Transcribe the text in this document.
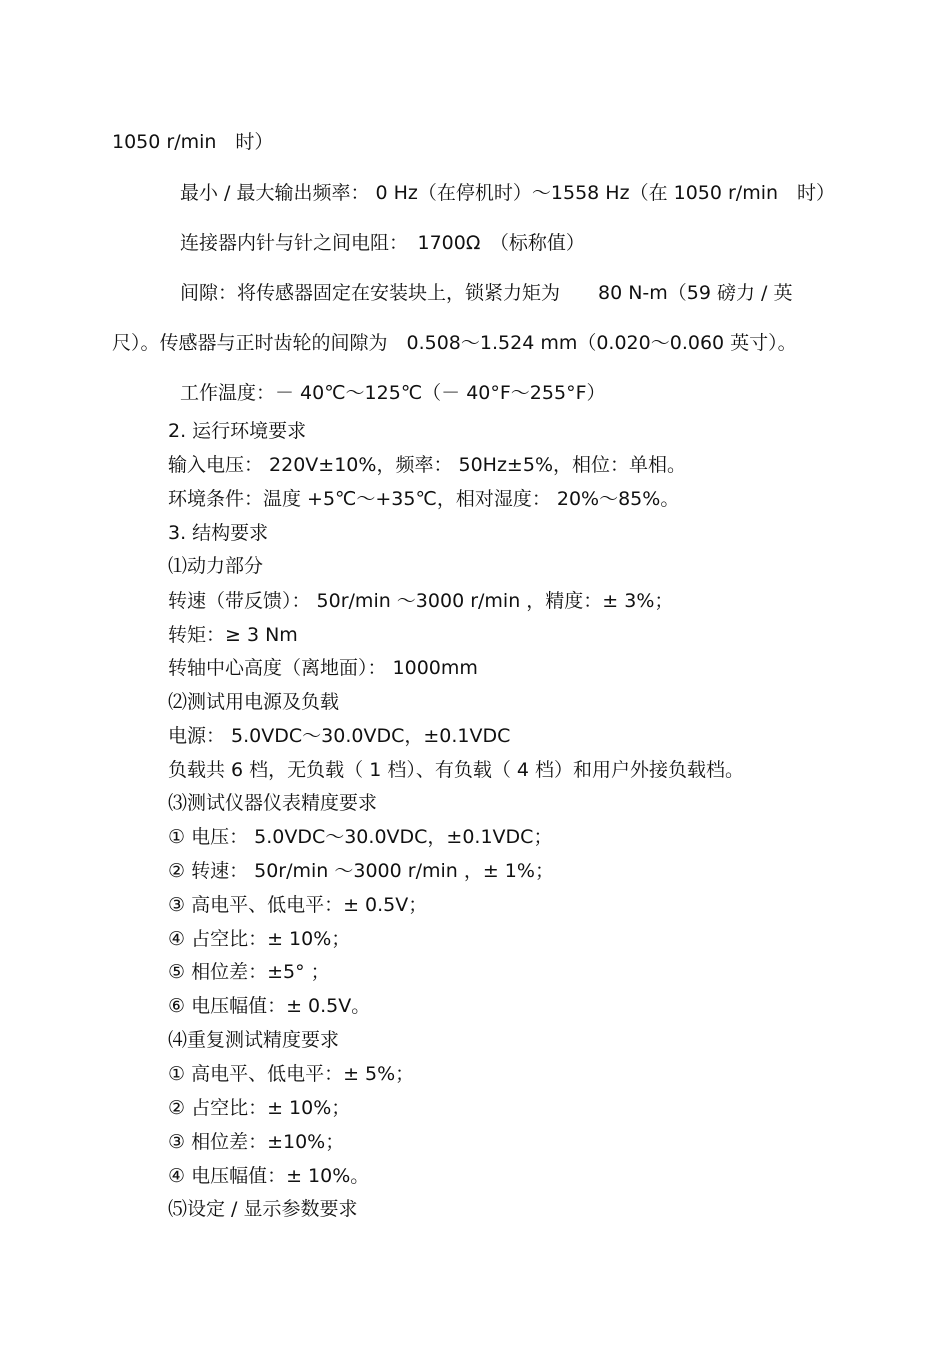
1050 r/min　时）
最小 / 最大输出频率： 0 Hz（在停机时）～1558 Hz（在 1050 r/min　时）
连接器内针与针之间电阻：　1700Ω　（标称值）
间隙：将传感器固定在安装块上，锁紧力矩为　　80 N-m（59 磅力 / 英
尺）。传感器与正时齿轮的间隙为　0.508～1.524 mm（0.020～0.060 英寸）。
工作温度：－ 40℃～125℃（－ 40°F～255°F）
2. 运行环境要求
输入电压： 220V±10%，频率： 50Hz±5%，相位：单相。
环境条件：温度 +5℃～+35℃，相对湿度： 20%～85%。
3. 结构要求
⑴动力部分
转速（带反馈）： 50r/min ～3000 r/min ，精度：± 3%；
转矩：≥ 3 Nm
转轴中心高度（离地面）： 1000mm
⑵测试用电源及负载
电源： 5.0VDC～30.0VDC，±0.1VDC
负载共 6 档，无负载（ 1 档）、有负载（ 4 档）和用户外接负载档。
⑶测试仪器仪表精度要求
① 电压： 5.0VDC～30.0VDC，±0.1VDC；
② 转速： 50r/min ～3000 r/min ，± 1%；
③ 高电平、低电平：± 0.5V；
④ 占空比：± 10%；
⑤ 相位差：±5° ；
⑥ 电压幅值：± 0.5V。
⑷重复测试精度要求
① 高电平、低电平：± 5%；
② 占空比：± 10%；
③ 相位差：±10%；
④ 电压幅值：± 10%。
⑸设定 / 显示参数要求
